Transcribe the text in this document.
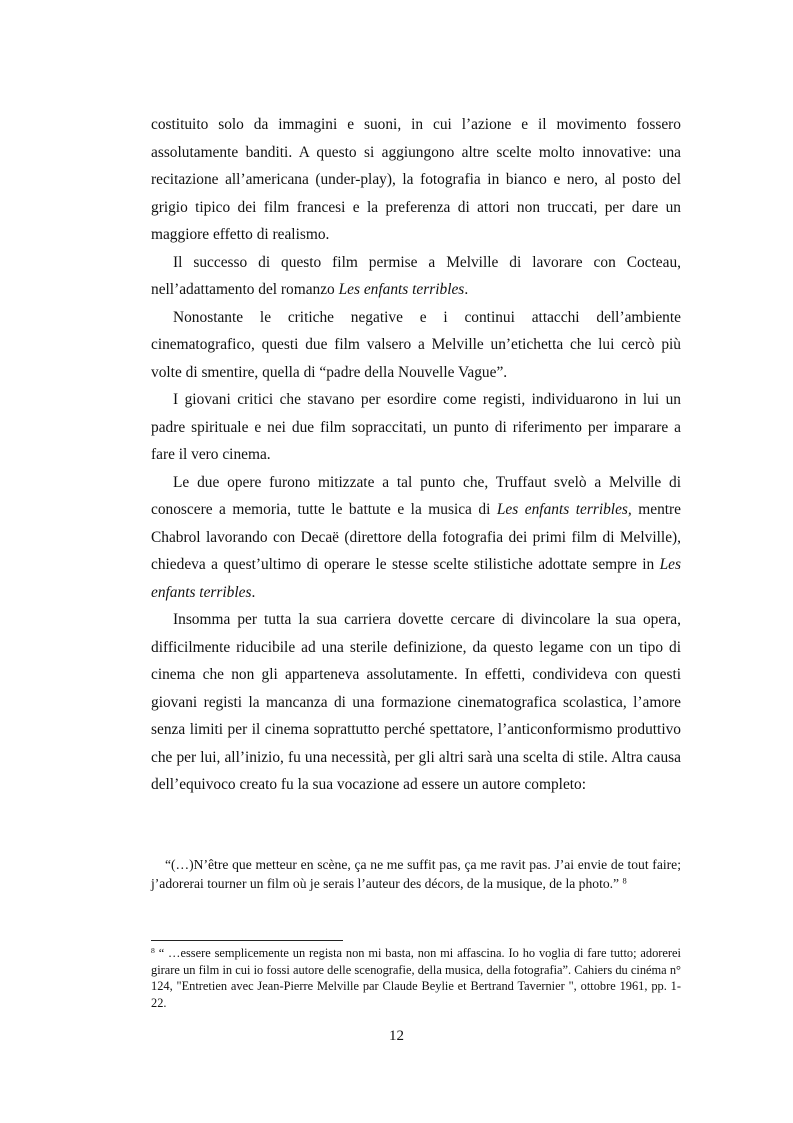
costituito solo da immagini e suoni, in cui l’azione e il movimento fossero assolutamente banditi. A questo si aggiungono altre scelte molto innovative: una recitazione all’americana (under-play), la fotografia in bianco e nero, al posto del grigio tipico dei film francesi e la preferenza di attori non truccati, per dare un maggiore effetto di realismo.

Il successo di questo film permise a Melville di lavorare con Cocteau, nell’adattamento del romanzo Les enfants terribles.

Nonostante le critiche negative e i continui attacchi dell’ambiente cinematografico, questi due film valsero a Melville un’etichetta che lui cercò più volte di smentire, quella di “padre della Nouvelle Vague”.

I giovani critici che stavano per esordire come registi, individuarono in lui un padre spirituale e nei due film sopraccitati, un punto di riferimento per imparare a fare il vero cinema.

Le due opere furono mitizzate a tal punto che, Truffaut svelò a Melville di conoscere a memoria, tutte le battute e la musica di Les enfants terribles, mentre Chabrol lavorando con Decaë (direttore della fotografia dei primi film di Melville), chiedeva a quest’ultimo di operare le stesse scelte stilistiche adottate sempre in Les enfants terribles.

Insomma per tutta la sua carriera dovette cercare di divincolare la sua opera, difficilmente riducibile ad una sterile definizione, da questo legame con un tipo di cinema che non gli apparteneva assolutamente. In effetti, condivideva con questi giovani registi la mancanza di una formazione cinematografica scolastica, l’amore senza limiti per il cinema soprattutto perché spettatore, l’anticonformismo produttivo che per lui, all’inizio, fu una necessità, per gli altri sarà una scelta di stile. Altra causa dell’equivoco creato fu la sua vocazione ad essere un autore completo:

“(…)N’être que metteur en scène, ça ne me suffit pas, ça me ravit pas. J’ai envie de tout faire; j’adorerai tourner un film où je serais l’auteur des décors, de la musique, de la photo.” $^8$

$^8$ “ …essere semplicemente un regista non mi basta, non mi affascina. Io ho voglia di fare tutto; adorerei girare un film in cui io fossi autore delle scenografie, della musica, della fotografia”. Cahiers du cinéma n° 124, "Entretien avec Jean-Pierre Melville par Claude Beylie et Bertrand Tavernier ", ottobre 1961, pp. 1- 22.

12
